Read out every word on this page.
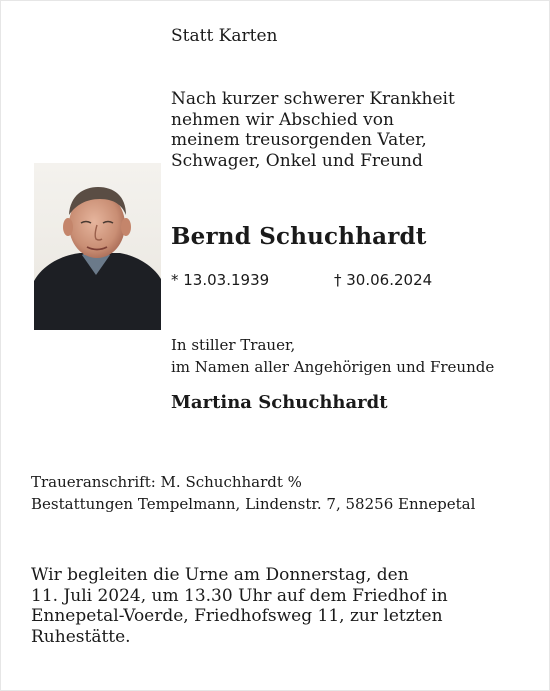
Statt Karten
Nach kurzer schwerer Krankheit
nehmen wir Abschied von
meinem treusorgenden Vater,
Schwager, Onkel und Freund
Bernd Schuchhardt
* 13.03.1939	† 30.06.2024
In stiller Trauer,
im Namen aller Angehörigen und Freunde
Martina Schuchhardt
Traueranschrift: M. Schuchhardt %
Bestattungen Tempelmann, Lindenstr. 7, 58256 Ennepetal
Wir begleiten die Urne am Donnerstag, den
11. Juli 2024, um 13.30 Uhr auf dem Friedhof in
Ennepetal-Voerde, Friedhofsweg 11, zur letzten
Ruhestätte.
